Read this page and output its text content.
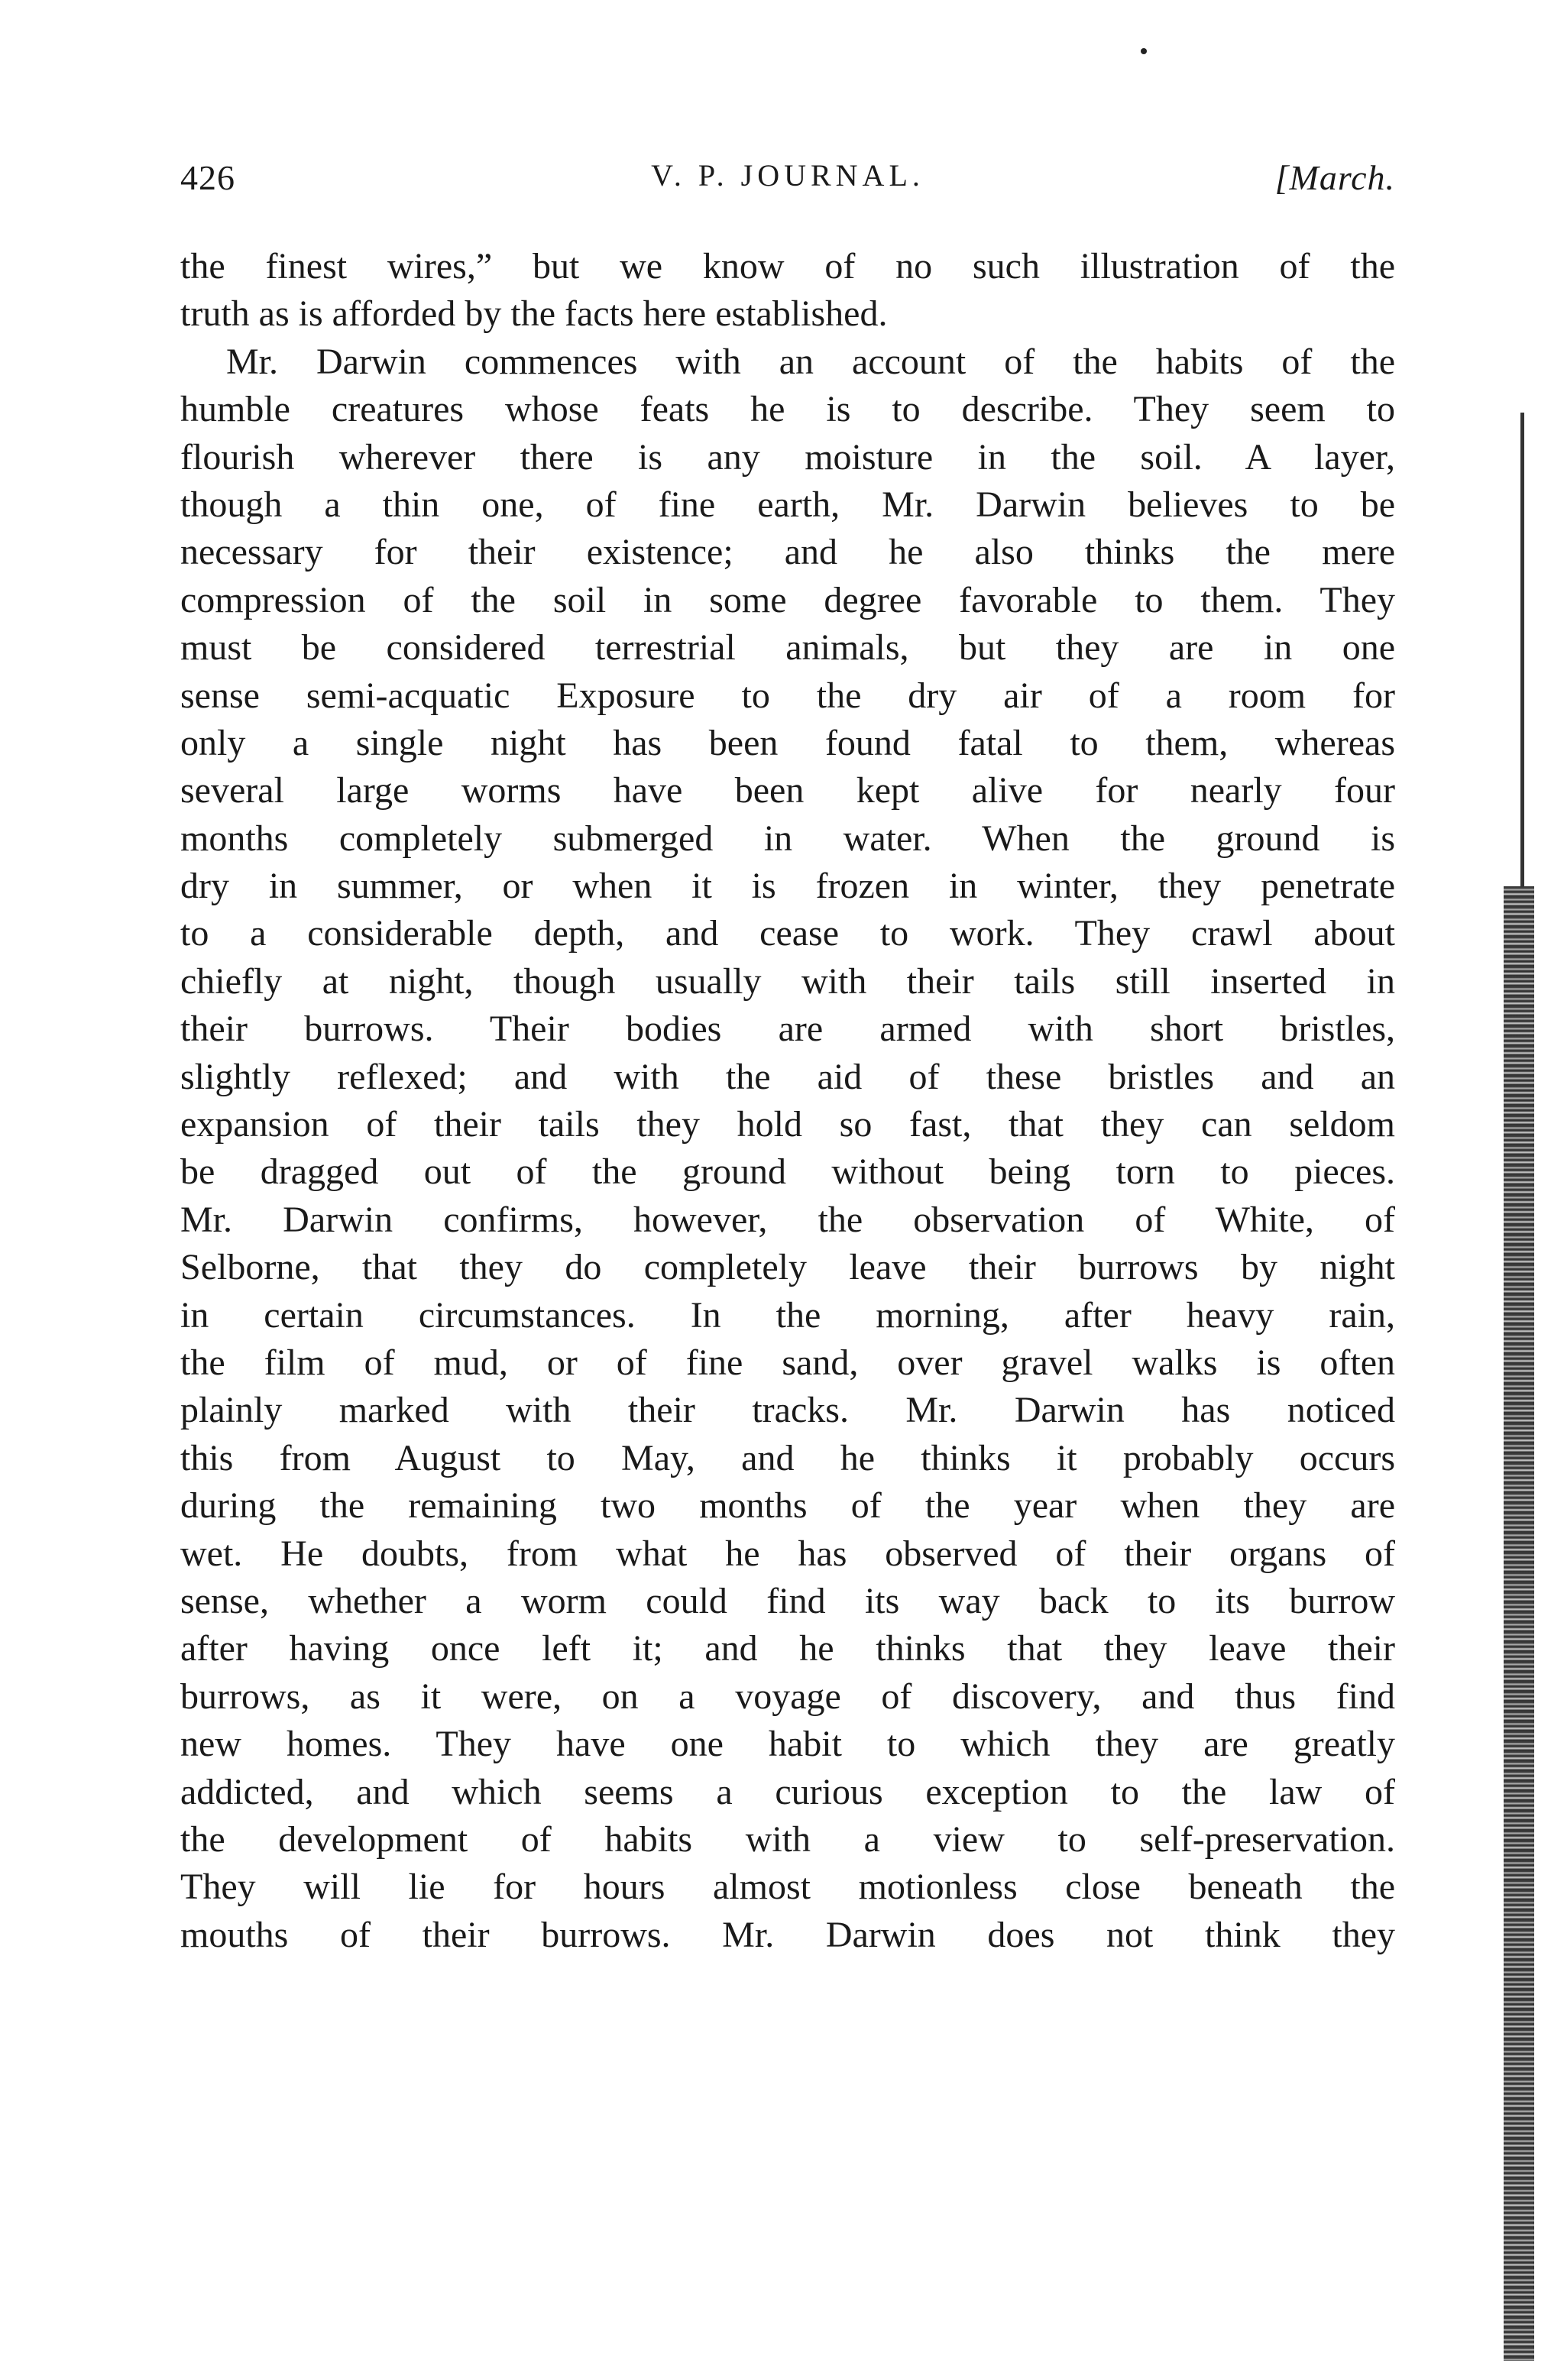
426	V. P. JOURNAL.	[March.
the finest wires,” but we know of no such illustration of the
truth as is afforded by the facts here established.
Mr. Darwin commences with an account of the habits of the
humble creatures whose feats he is to describe. They seem to
flourish wherever there is any moisture in the soil. A layer,
though a thin one, of fine earth, Mr. Darwin believes to be
necessary for their existence; and he also thinks the mere
compression of the soil in some degree favorable to them. They
must be considered terrestrial animals, but they are in one
sense semi-acquatic Exposure to the dry air of a room for
only a single night has been found fatal to them, whereas
several large worms have been kept alive for nearly four
months completely submerged in water. When the ground is
dry in summer, or when it is frozen in winter, they penetrate
to a considerable depth, and cease to work. They crawl about
chiefly at night, though usually with their tails still inserted in
their burrows. Their bodies are armed with short bristles,
slightly reflexed; and with the aid of these bristles and an
expansion of their tails they hold so fast, that they can seldom
be dragged out of the ground without being torn to pieces.
Mr. Darwin confirms, however, the observation of White, of
Selborne, that they do completely leave their burrows by night
in certain circumstances. In the morning, after heavy rain,
the film of mud, or of fine sand, over gravel walks is often
plainly marked with their tracks. Mr. Darwin has noticed
this from August to May, and he thinks it probably occurs
during the remaining two months of the year when they are
wet. He doubts, from what he has observed of their organs of
sense, whether a worm could find its way back to its burrow
after having once left it; and he thinks that they leave their
burrows, as it were, on a voyage of discovery, and thus find
new homes. They have one habit to which they are greatly
addicted, and which seems a curious exception to the law of
the development of habits with a view to self-preservation.
They will lie for hours almost motionless close beneath the
mouths of their burrows. Mr. Darwin does not think they
